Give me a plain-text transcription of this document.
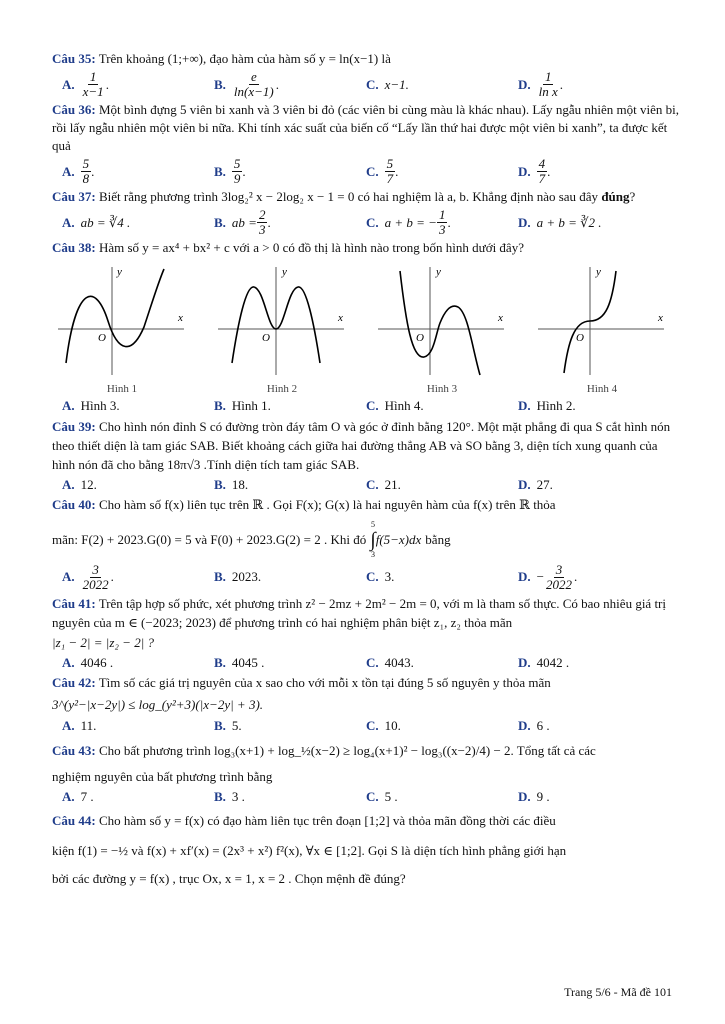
Câu 35: Trên khoảng (1;+∞), đạo hàm của hàm số y = ln(x−1) là

A. $\frac{1}{x-1}$ .	B. $\frac{e}{\ln(x-1)}$ .	C. x−1.	D. $\frac{1}{\text{ln x}}$ .

Câu 36: Một bình đựng 5 viên bi xanh và 3 viên bi đỏ (các viên bi cùng màu là khác nhau). Lấy ngẫu nhiên một viên bi, rồi lấy ngẫu nhiên một viên bi nữa. Khi tính xác suất của biến cố “Lấy lần thứ hai được một viên bi xanh”, ta được kết quả

A. $\frac{5}{8}$ .	B. $\frac{5}{9}$ .	C. $\frac{5}{7}$ .	D. $\frac{4}{7}$ .

Câu 37: Biết rằng phương trình 3log₂² x − 2log₂ x − 1 = 0 có hai nghiệm là a, b. Khẳng định nào sau đây đúng?

A. ab = ∛4 .	B. ab = $\frac{2}{3}$ .	C. a + b = − $\frac{1}{3}$ .	D. a + b = ∛2 .

Câu 38: Hàm số y = ax⁴ + bx² + c với a > 0 có đồ thị là hình nào trong bốn hình dưới đây?

x
y
O
Hình 1
x
y
O
Hình 2
x
y
O
Hình 3
x
y
O
Hình 4
A. Hình 3.	B. Hình 1.	C. Hình 4.	D. Hình 2.

Câu 39: Cho hình nón đỉnh S có đường tròn đáy tâm O và góc ở đỉnh bằng 120°. Một mặt phẳng đi qua S cắt hình nón theo thiết diện là tam giác SAB. Biết khoảng cách giữa hai đường thẳng AB và SO bằng 3, diện tích xung quanh của hình nón đã cho bằng 18π√3 .Tính diện tích tam giác SAB.

A. 12.	B. 18.	C. 21.	D. 27.

Câu 40: Cho hàm số f(x) liên tục trên ℝ . Gọi F(x); G(x) là hai nguyên hàm của f(x) trên ℝ thỏa

mãn: F(2) + 2023.G(0) = 5 và F(0) + 2023.G(2) = 2 . Khi đó
5
∫
3
f(5−x)dx bằng

A. $\frac{3}{2022}$ .	B. 2023.	C. 3.	D. − $\frac{3}{2022}$ .

Câu 41: Trên tập hợp số phức, xét phương trình z² − 2mz + 2m² − 2m = 0, với m là tham số thực. Có bao nhiêu giá trị nguyên của m ∈ (−2023; 2023) để phương trình có hai nghiệm phân biệt z₁, z₂ thỏa mãn

|z₁ − 2| = |z₂ − 2| ?

A. 4046 .	B. 4045 .	C. 4043.	D. 4042 .

Câu 42: Tìm số các giá trị nguyên của x sao cho với mỗi x tồn tại đúng 5 số nguyên y thỏa mãn

3^(y²−|x−2y|) ≤ log_(y²+3)(|x−2y| + 3).

A. 11.	B. 5.	C. 10.	D. 6 .

Câu 43: Cho bất phương trình log₃(x+1) + log_½(x−2) ≥ log₄(x+1)² − log₃((x−2)/4) − 2. Tổng tất cả các

nghiệm nguyên của bất phương trình bằng

A. 7 .	B. 3 .	C. 5 .	D. 9 .

Câu 44: Cho hàm số y = f(x) có đạo hàm liên tục trên đoạn [1;2] và thỏa mãn đồng thời các điều

kiện f(1) = −½ và f(x) + xf′(x) = (2x³ + x²) f²(x), ∀x ∈ [1;2]. Gọi S là diện tích hình phẳng giới hạn

bởi các đường y = f(x) , trục Ox, x = 1, x = 2 . Chọn mệnh đề đúng?

Trang 5/6 - Mã đề 101
